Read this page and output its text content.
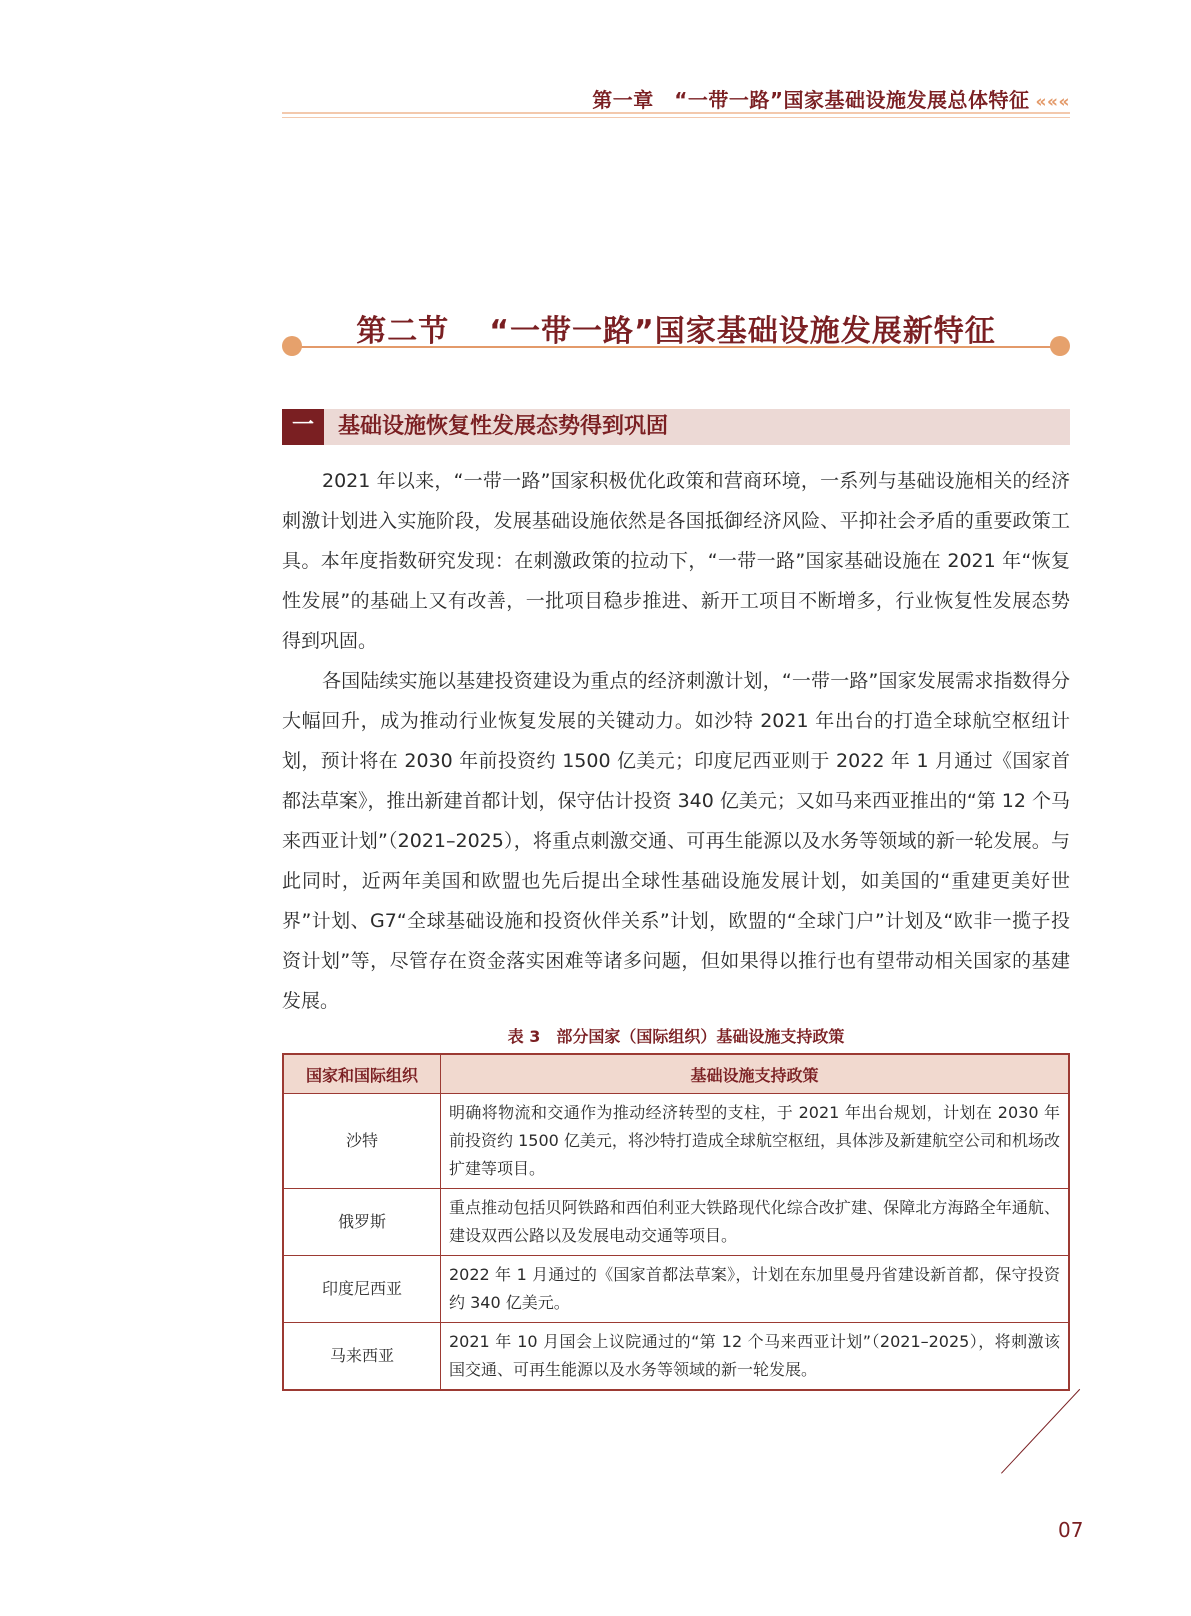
第一章　“一带一路”国家基础设施发展总体特征 «««
第二节 “一带一路”国家基础设施发展新特征
一	基础设施恢复性发展态势得到巩固

2021 年以来，“一带一路”国家积极优化政策和营商环境，一系列与基础设施相关的经济刺激计划进入实施阶段，发展基础设施依然是各国抵御经济风险、平抑社会矛盾的重要政策工具。本年度指数研究发现：在刺激政策的拉动下，“一带一路”国家基础设施在 2021 年“恢复性发展”的基础上又有改善，一批项目稳步推进、新开工项目不断增多，行业恢复性发展态势得到巩固。

各国陆续实施以基建投资建设为重点的经济刺激计划，“一带一路”国家发展需求指数得分大幅回升，成为推动行业恢复发展的关键动力。如沙特 2021 年出台的打造全球航空枢纽计划，预计将在 2030 年前投资约 1500 亿美元；印度尼西亚则于 2022 年 1 月通过《国家首都法草案》，推出新建首都计划，保守估计投资 340 亿美元；又如马来西亚推出的“第 12 个马来西亚计划”（2021–2025），将重点刺激交通、可再生能源以及水务等领域的新一轮发展。与此同时，近两年美国和欧盟也先后提出全球性基础设施发展计划，如美国的“重建更美好世界”计划、G7“全球基础设施和投资伙伴关系”计划，欧盟的“全球门户”计划及“欧非一揽子投资计划”等，尽管存在资金落实困难等诸多问题，但如果得以推行也有望带动相关国家的基建发展。

表 3　部分国家（国际组织）基础设施支持政策
国家和国际组织	基础设施支持政策
沙特	明确将物流和交通作为推动经济转型的支柱，于 2021 年出台规划，计划在 2030 年前投资约 1500 亿美元，将沙特打造成全球航空枢纽，具体涉及新建航空公司和机场改扩建等项目。
俄罗斯	重点推动包括贝阿铁路和西伯利亚大铁路现代化综合改扩建、保障北方海路全年通航、建设双西公路以及发展电动交通等项目。
印度尼西亚	2022 年 1 月通过的《国家首都法草案》，计划在东加里曼丹省建设新首都，保守投资约 340 亿美元。
马来西亚	2021 年 10 月国会上议院通过的“第 12 个马来西亚计划”（2021–2025），将刺激该国交通、可再生能源以及水务等领域的新一轮发展。
07
